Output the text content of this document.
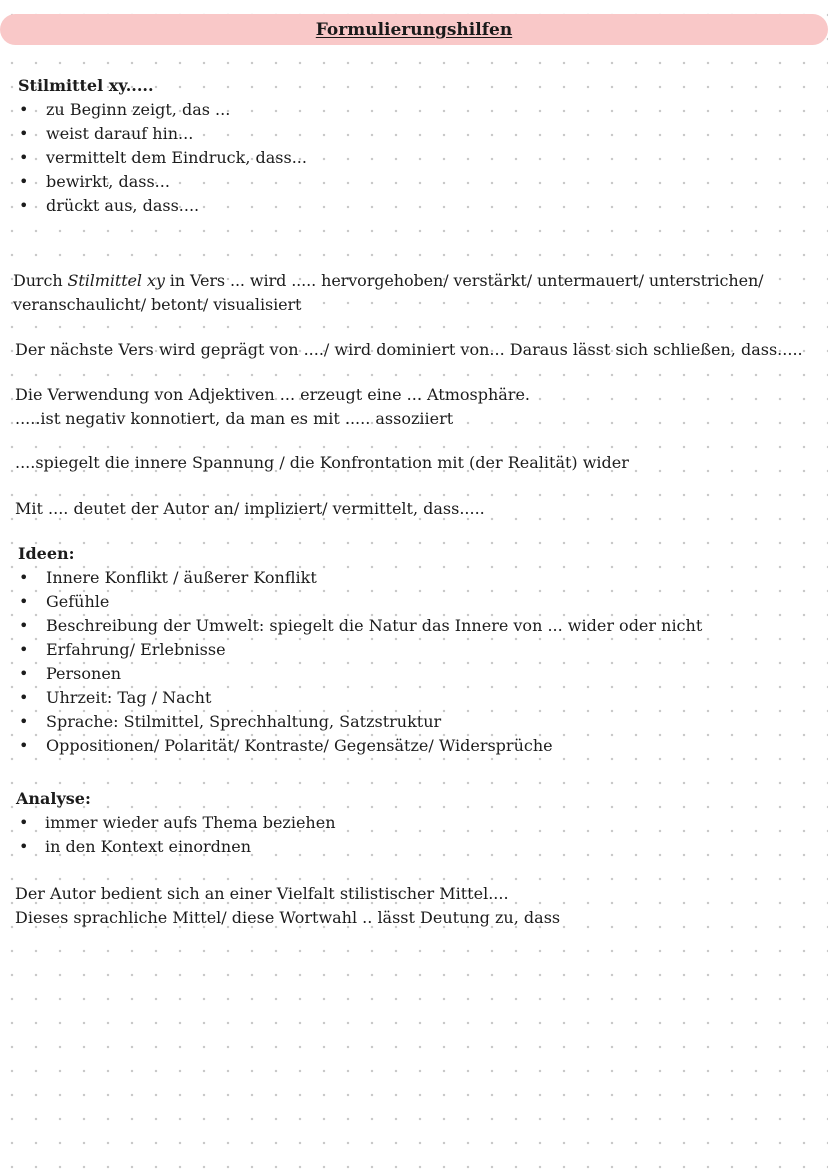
Formulierungshilfen
Stilmittel xy.....
• zu Beginn zeigt, das ...
• weist darauf hin...
• vermittelt dem Eindruck, dass...
• bewirkt, dass...
• drückt aus, dass....
Durch Stilmittel xy in Vers ... wird ..... hervorgehoben/ verstärkt/ untermauert/ unterstrichen/ veranschaulicht/ betont/ visualisiert
Der nächste Vers wird geprägt von ..../ wird dominiert von... Daraus lässt sich schließen, dass.....
Die Verwendung von Adjektiven ... erzeugt eine ... Atmosphäre.
.....ist negativ konnotiert, da man es mit ..... assoziiert
....spiegelt die innere Spannung / die Konfrontation mit (der Realität) wider
Mit .... deutet der Autor an/ impliziert/ vermittelt, dass.....
Ideen:
• Innere Konflikt / äußerer Konflikt
• Gefühle
• Beschreibung der Umwelt: spiegelt die Natur das Innere von ... wider oder nicht
• Erfahrung/ Erlebnisse
• Personen
• Uhrzeit: Tag / Nacht
• Sprache: Stilmittel, Sprechhaltung, Satzstruktur
• Oppositionen/ Polarität/ Kontraste/ Gegensätze/ Widersprüche
Analyse:
• immer wieder aufs Thema beziehen
• in den Kontext einordnen
Der Autor bedient sich an einer Vielfalt stilistischer Mittel....
Dieses sprachliche Mittel/ diese Wortwahl .. lässt Deutung zu, dass
